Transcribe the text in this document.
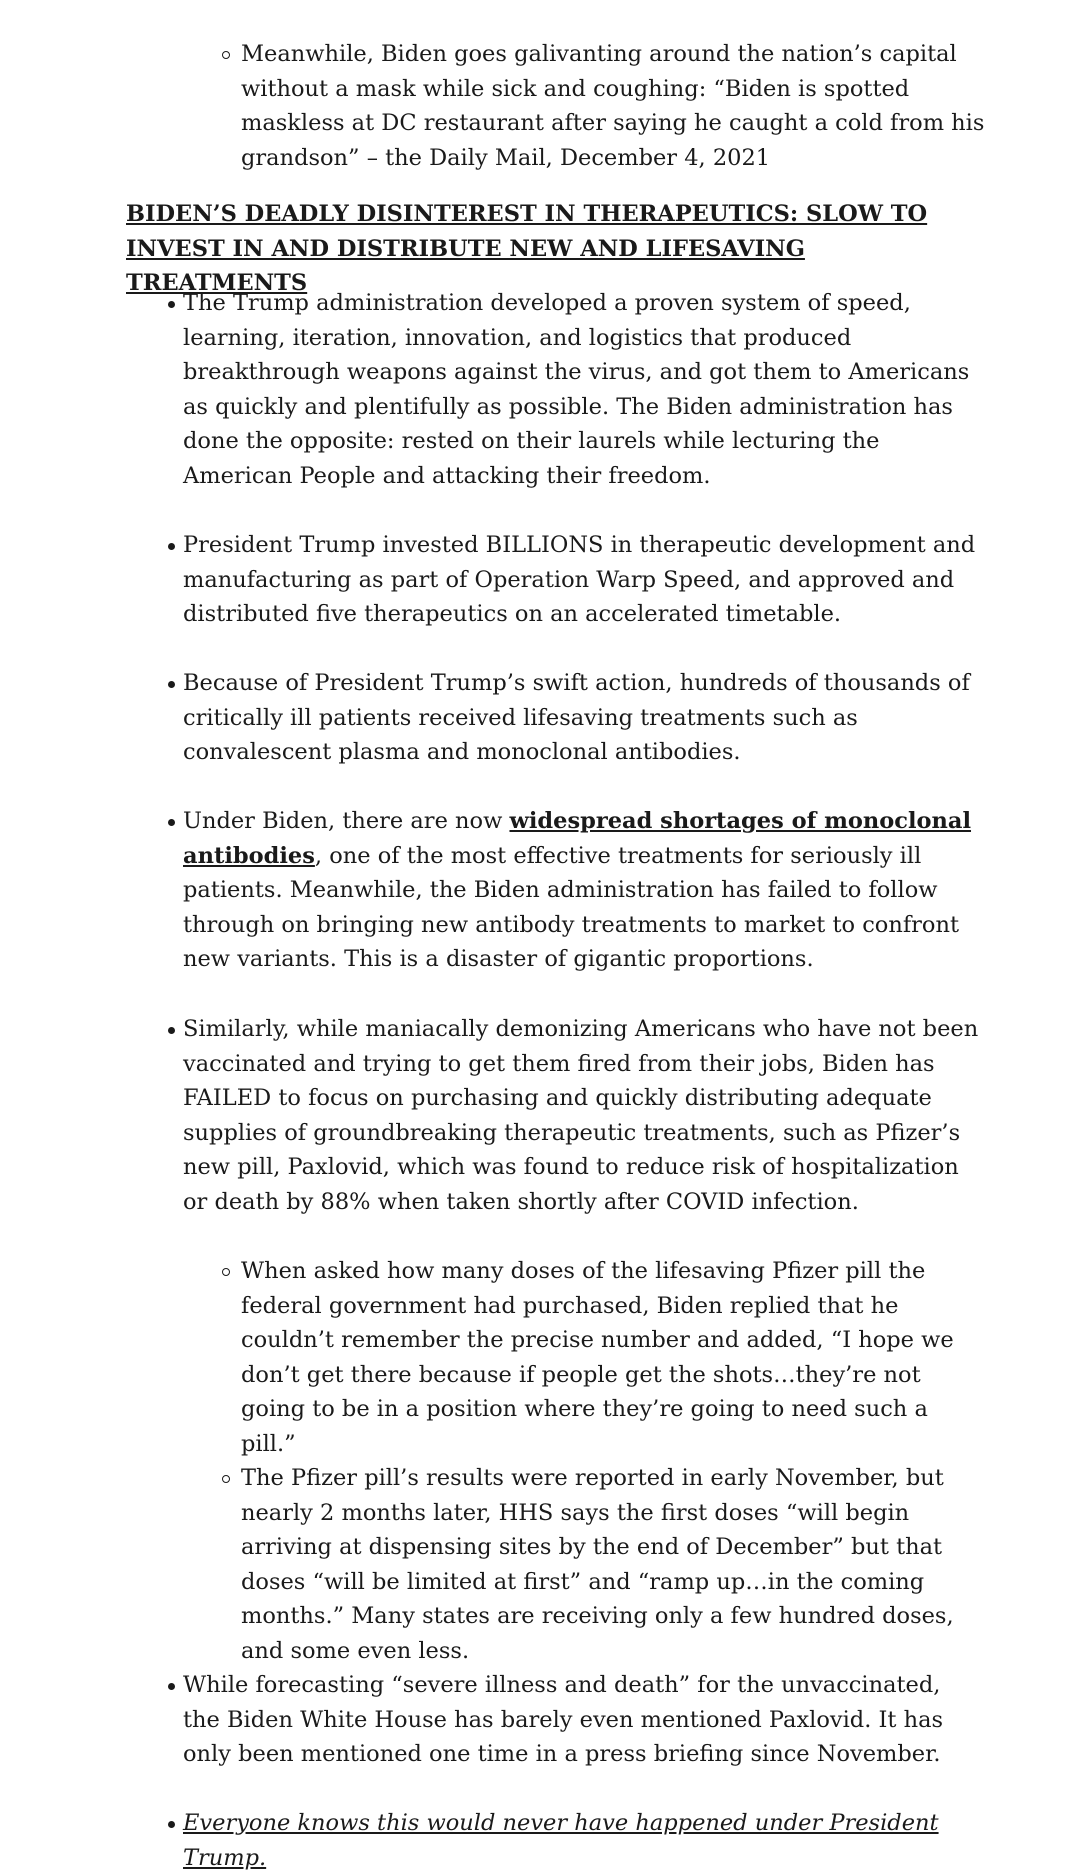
Meanwhile, Biden goes galivanting around the nation’s capital without a mask while sick and coughing: “Biden is spotted maskless at DC restaurant after saying he caught a cold from his grandson” – the Daily Mail, December 4, 2021

BIDEN’S DEADLY DISINTEREST IN THERAPEUTICS: SLOW TO INVEST IN AND DISTRIBUTE NEW AND LIFESAVING TREATMENTS

The Trump administration developed a proven system of speed, learning, iteration, innovation, and logistics that produced breakthrough weapons against the virus, and got them to Americans as quickly and plentifully as possible. The Biden administration has done the opposite: rested on their laurels while lecturing the American People and attacking their freedom.

President Trump invested BILLIONS in therapeutic development and manufacturing as part of Operation Warp Speed, and approved and distributed five therapeutics on an accelerated timetable.

Because of President Trump’s swift action, hundreds of thousands of critically ill patients received lifesaving treatments such as convalescent plasma and monoclonal antibodies.

Under Biden, there are now widespread shortages of monoclonal antibodies, one of the most effective treatments for seriously ill patients. Meanwhile, the Biden administration has failed to follow through on bringing new antibody treatments to market to confront new variants. This is a disaster of gigantic proportions.

Similarly, while maniacally demonizing Americans who have not been vaccinated and trying to get them fired from their jobs, Biden has FAILED to focus on purchasing and quickly distributing adequate supplies of groundbreaking therapeutic treatments, such as Pfizer’s new pill, Paxlovid, which was found to reduce risk of hospitalization or death by 88% when taken shortly after COVID infection.

When asked how many doses of the lifesaving Pfizer pill the federal government had purchased, Biden replied that he couldn’t remember the precise number and added, “I hope we don’t get there because if people get the shots…they’re not going to be in a position where they’re going to need such a pill.”

The Pfizer pill’s results were reported in early November, but nearly 2 months later, HHS says the first doses “will begin arriving at dispensing sites by the end of December” but that doses “will be limited at first” and “ramp up…in the coming months.” Many states are receiving only a few hundred doses, and some even less.

While forecasting “severe illness and death” for the unvaccinated, the Biden White House has barely even mentioned Paxlovid. It has only been mentioned one time in a press briefing since November.

Everyone knows this would never have happened under President Trump.
